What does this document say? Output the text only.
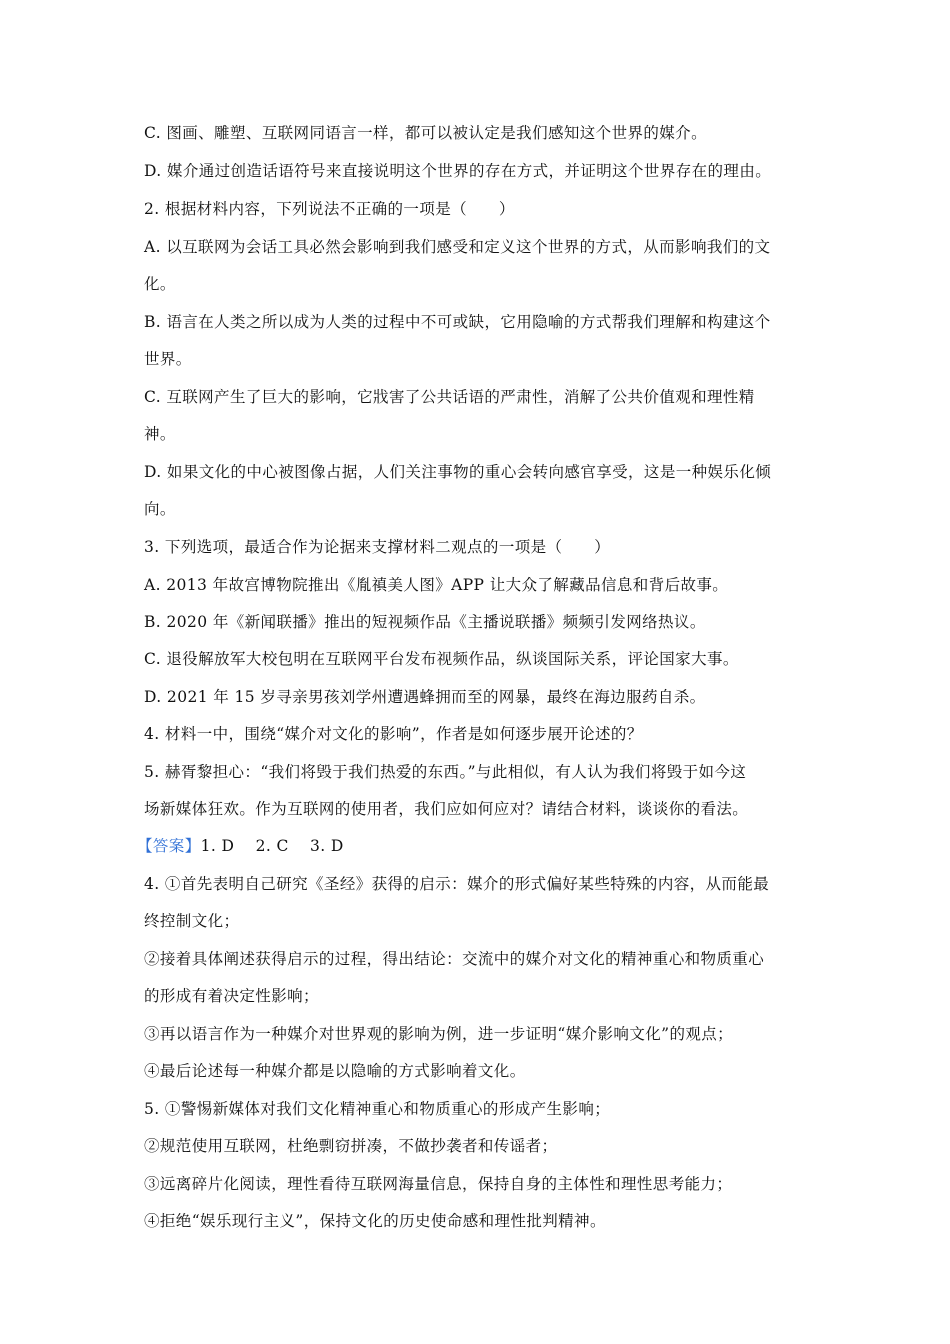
C. 图画、雕塑、互联网同语言一样，都可以被认定是我们感知这个世界的媒介。
D. 媒介通过创造话语符号来直接说明这个世界的存在方式，并证明这个世界存在的理由。
2. 根据材料内容，下列说法不正确的一项是（　　）
A. 以互联网为会话工具必然会影响到我们感受和定义这个世界的方式，从而影响我们的文
化。
B. 语言在人类之所以成为人类的过程中不可或缺，它用隐喻的方式帮我们理解和构建这个
世界。
C. 互联网产生了巨大的影响，它戕害了公共话语的严肃性，消解了公共价值观和理性精
神。
D. 如果文化的中心被图像占据，人们关注事物的重心会转向感官享受，这是一种娱乐化倾
向。
3. 下列选项，最适合作为论据来支撑材料二观点的一项是（　　）
A. 2013 年故宫博物院推出《胤禛美人图》APP 让大众了解藏品信息和背后故事。
B. 2020 年《新闻联播》推出的短视频作品《主播说联播》频频引发网络热议。
C. 退役解放军大校包明在互联网平台发布视频作品，纵谈国际关系，评论国家大事。
D. 2021 年 15 岁寻亲男孩刘学州遭遇蜂拥而至的网暴，最终在海边服药自杀。
4. 材料一中，围绕“媒介对文化的影响”，作者是如何逐步展开论述的？
5. 赫胥黎担心：“我们将毁于我们热爱的东西。”与此相似，有人认为我们将毁于如今这
场新媒体狂欢。作为互联网的使用者，我们应如何应对？请结合材料，谈谈你的看法。
【答案】1. D　 2. C　 3. D
4. ①首先表明自己研究《圣经》获得的启示：媒介的形式偏好某些特殊的内容，从而能最
终控制文化；
②接着具体阐述获得启示的过程，得出结论：交流中的媒介对文化的精神重心和物质重心
的形成有着决定性影响；
③再以语言作为一种媒介对世界观的影响为例，进一步证明“媒介影响文化”的观点；
④最后论述每一种媒介都是以隐喻的方式影响着文化。
5. ①警惕新媒体对我们文化精神重心和物质重心的形成产生影响；
②规范使用互联网，杜绝剽窃拼凑，不做抄袭者和传谣者；
③远离碎片化阅读，理性看待互联网海量信息，保持自身的主体性和理性思考能力；
④拒绝“娱乐现行主义”，保持文化的历史使命感和理性批判精神。
